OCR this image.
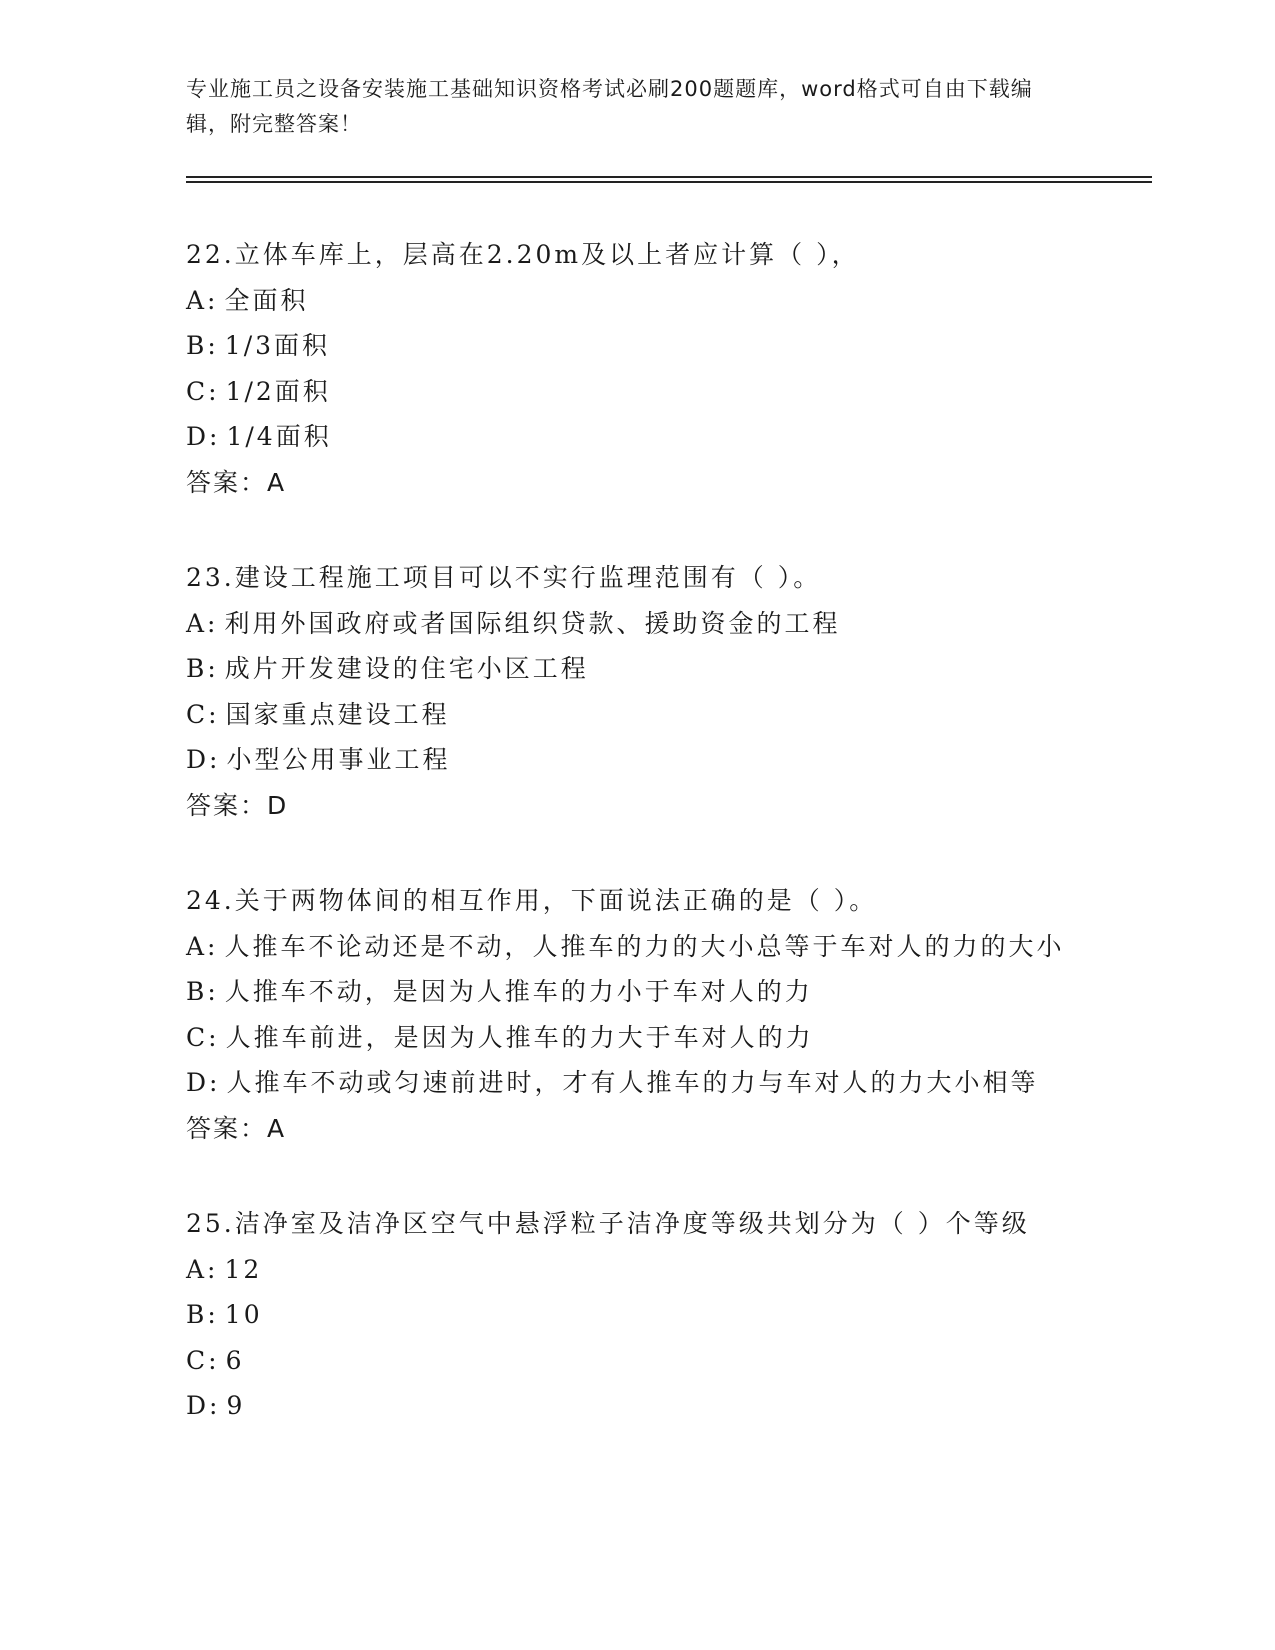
专业施工员之设备安装施工基础知识资格考试必刷200题题库，word格式可自由下载编辑，附完整答案！
22.立体车库上，层高在2.20m及以上者应计算（ ），
A: 全面积
B: 1/3面积
C: 1/2面积
D: 1/4面积
答案：A
23.建设工程施工项目可以不实行监理范围有（ ）。
A: 利用外国政府或者国际组织贷款、援助资金的工程
B: 成片开发建设的住宅小区工程
C: 国家重点建设工程
D: 小型公用事业工程
答案：D
24.关于两物体间的相互作用，下面说法正确的是（ ）。
A: 人推车不论动还是不动，人推车的力的大小总等于车对人的力的大小
B: 人推车不动，是因为人推车的力小于车对人的力
C: 人推车前进，是因为人推车的力大于车对人的力
D: 人推车不动或匀速前进时，才有人推车的力与车对人的力大小相等
答案：A
25.洁净室及洁净区空气中悬浮粒子洁净度等级共划分为（ ）个等级
A: 12
B: 10
C: 6
D: 9
